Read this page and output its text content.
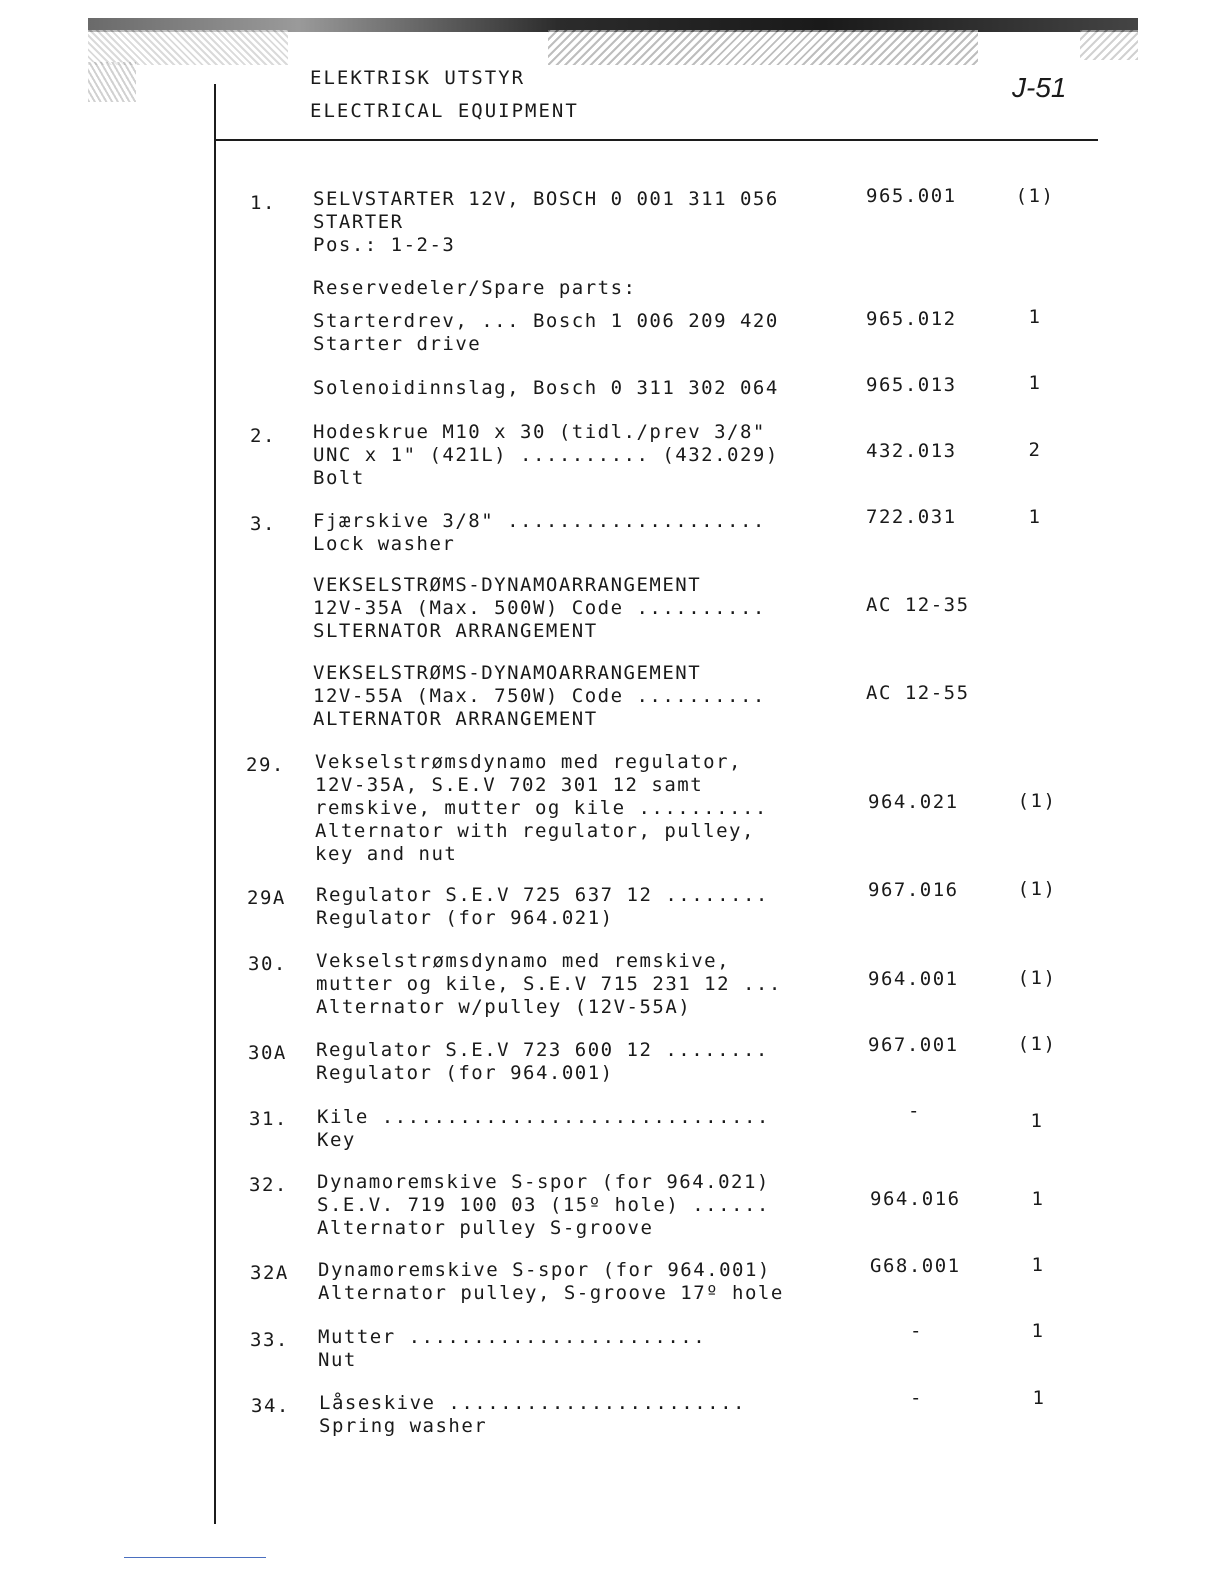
ELEKTRISK UTSTYR
ELECTRICAL EQUIPMENT
J-51
1. SELVSTARTER 12V, BOSCH 0 001 311 056
STARTER
Pos.: 1-2-3
965.001	(1)
Reservedeler/Spare parts:
Starterdrev, ... Bosch 1 006 209 420
Starter drive
965.012	1
Solenoidinnslag, Bosch 0 311 302 064	965.013	1
2. Hodeskrue M10 x 30 (tidl./prev 3/8"
UNC x 1" (421L) .......... (432.029)
Bolt
432.013	2
3. Fjærskive 3/8" ....................
Lock washer
722.031	1
VEKSELSTRØMS-DYNAMOARRANGEMENT
12V-35A (Max. 500W) Code ..........
SLTERNATOR ARRANGEMENT
AC 12-35
VEKSELSTRØMS-DYNAMOARRANGEMENT
12V-55A (Max. 750W) Code ..........
ALTERNATOR ARRANGEMENT
AC 12-55
29. Vekselstrømsdynamo med regulator,
12V-35A, S.E.V 702 301 12 samt
remskive, mutter og kile ..........
Alternator with regulator, pulley,
key and nut
964.021	(1)
29A Regulator S.E.V 725 637 12 ........
Regulator (for 964.021)
967.016	(1)
30. Vekselstrømsdynamo med remskive,
mutter og kile, S.E.V 715 231 12 ...
Alternator w/pulley (12V-55A)
964.001	(1)
30A Regulator S.E.V 723 600 12 ........
Regulator (for 964.001)
967.001	(1)
31. Kile ..............................
Key
-	1
32. Dynamoremskive S-spor (for 964.021)
S.E.V. 719 100 03 (15º hole) ......
Alternator pulley S-groove
964.016	1
32A Dynamoremskive S-spor (for 964.001)
Alternator pulley, S-groove 17º hole
G68.001	1
33. Mutter .......................
Nut
-	1
34. Låseskive .......................
Spring washer
-	1
